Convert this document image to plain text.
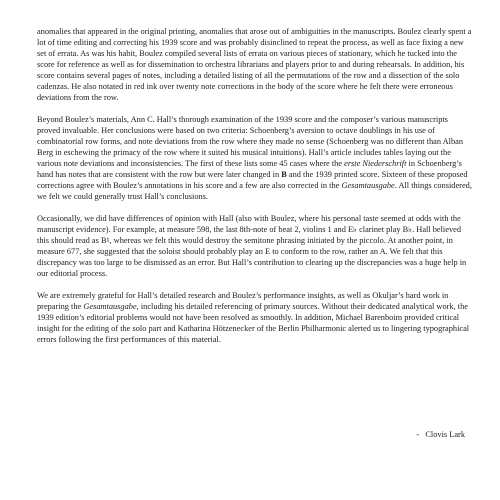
anomalies that appeared in the original printing, anomalies that arose out of ambiguities in the manuscripts. Boulez clearly spent a lot of time editing and correcting his 1939 score and was probably disinclined to repeat the process, as well as face fixing a new set of errata. As was his habit, Boulez compiled several lists of errata on various pieces of stationary, which he tucked into the score for reference as well as for dissemination to orchestra librarians and players prior to and during rehearsals. In addition, his score contains several pages of notes, including a detailed listing of all the permutations of the row and a dissection of the solo cadenzas. He also notated in red ink over twenty note corrections in the body of the score where he felt there were erroneous deviations from the row.

Beyond Boulez’s materials, Ann C. Hall’s thorough examination of the 1939 score and the composer’s various manuscripts proved invaluable. Her conclusions were based on two criteria: Schoenberg’s aversion to octave doublings in his use of combinatorial row forms, and note deviations from the row where they made no sense (Schoenberg was no different than Alban Berg in eschewing the primacy of the row where it suited his musical intuitions). Hall’s article includes tables laying out the various note deviations and inconsistencies. The first of these lists some 45 cases where the erste Niederschrift in Schoenberg’s hand has notes that are consistent with the row but were later changed in B and the 1939 printed score. Sixteen of these proposed corrections agree with Boulez’s annotations in his score and a few are also corrected in the Gesamtausgabe. All things considered, we felt we could generally trust Hall’s conclusions.

Occasionally, we did have differences of opinion with Hall (also with Boulez, where his personal taste seemed at odds with the manuscript evidence). For example, at measure 598, the last 8th-note of beat 2, violins 1 and E♭ clarinet play B♭. Hall believed this should read as B♮, whereas we felt this would destroy the semitone phrasing initiated by the piccolo. At another point, in measure 677, she suggested that the soloist should probably play an E to conform to the row, rather an A. We felt that this discrepancy was too large to be dismissed as an error. But Hall’s contribution to clearing up the discrepancies was a huge help in our editorial process.

We are extremely grateful for Hall’s detailed research and Boulez’s performance insights, as well as Okuljar’s hard work in preparing the Gesamtausgabe, including his detailed referencing of primary sources. Without their dedicated analytical work, the 1939 edition’s editorial problems would not have been resolved as smoothly. In addition, Michael Barenboim provided critical insight for the editing of the solo part and Katharina Hötzenecker of the Berlin Philharmonic alerted us to lingering typographical errors following the first performances of this material.

-   Clovis Lark
